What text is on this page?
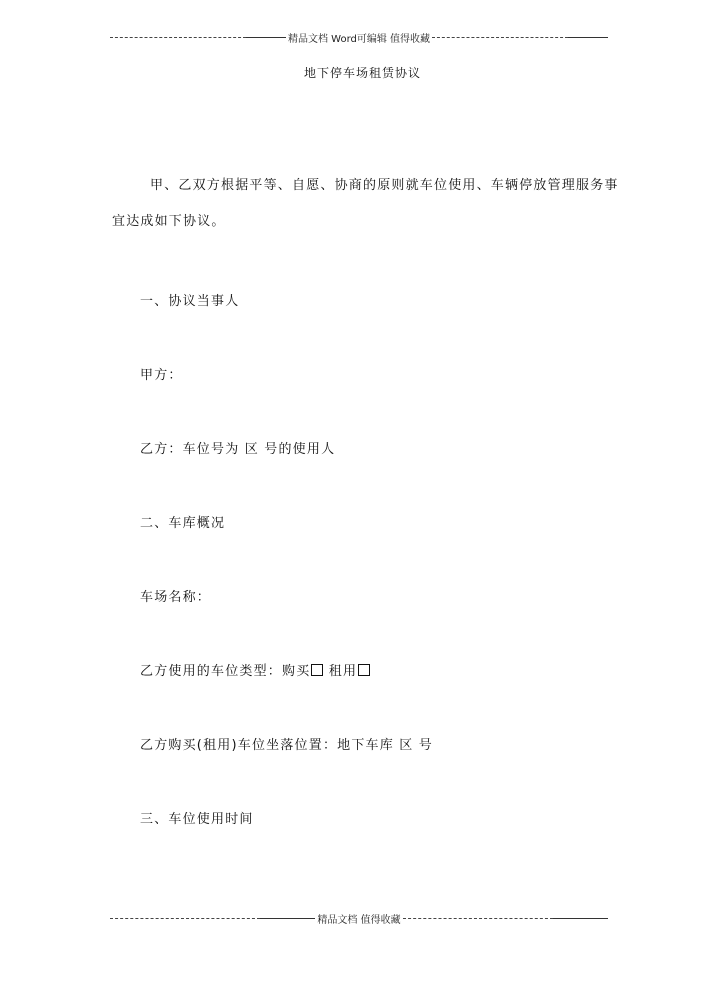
精品文档 Word可编辑 值得收藏
地下停车场租赁协议
甲、乙双方根据平等、自愿、协商的原则就车位使用、车辆停放管理服务事宜达成如下协议。
一、协议当事人
甲方：
乙方：车位号为 区 号的使用人
二、车库概况
车场名称：
乙方使用的车位类型：购买 租用
乙方购买(租用)车位坐落位置：地下车库 区 号
三、车位使用时间
精品文档 值得收藏
